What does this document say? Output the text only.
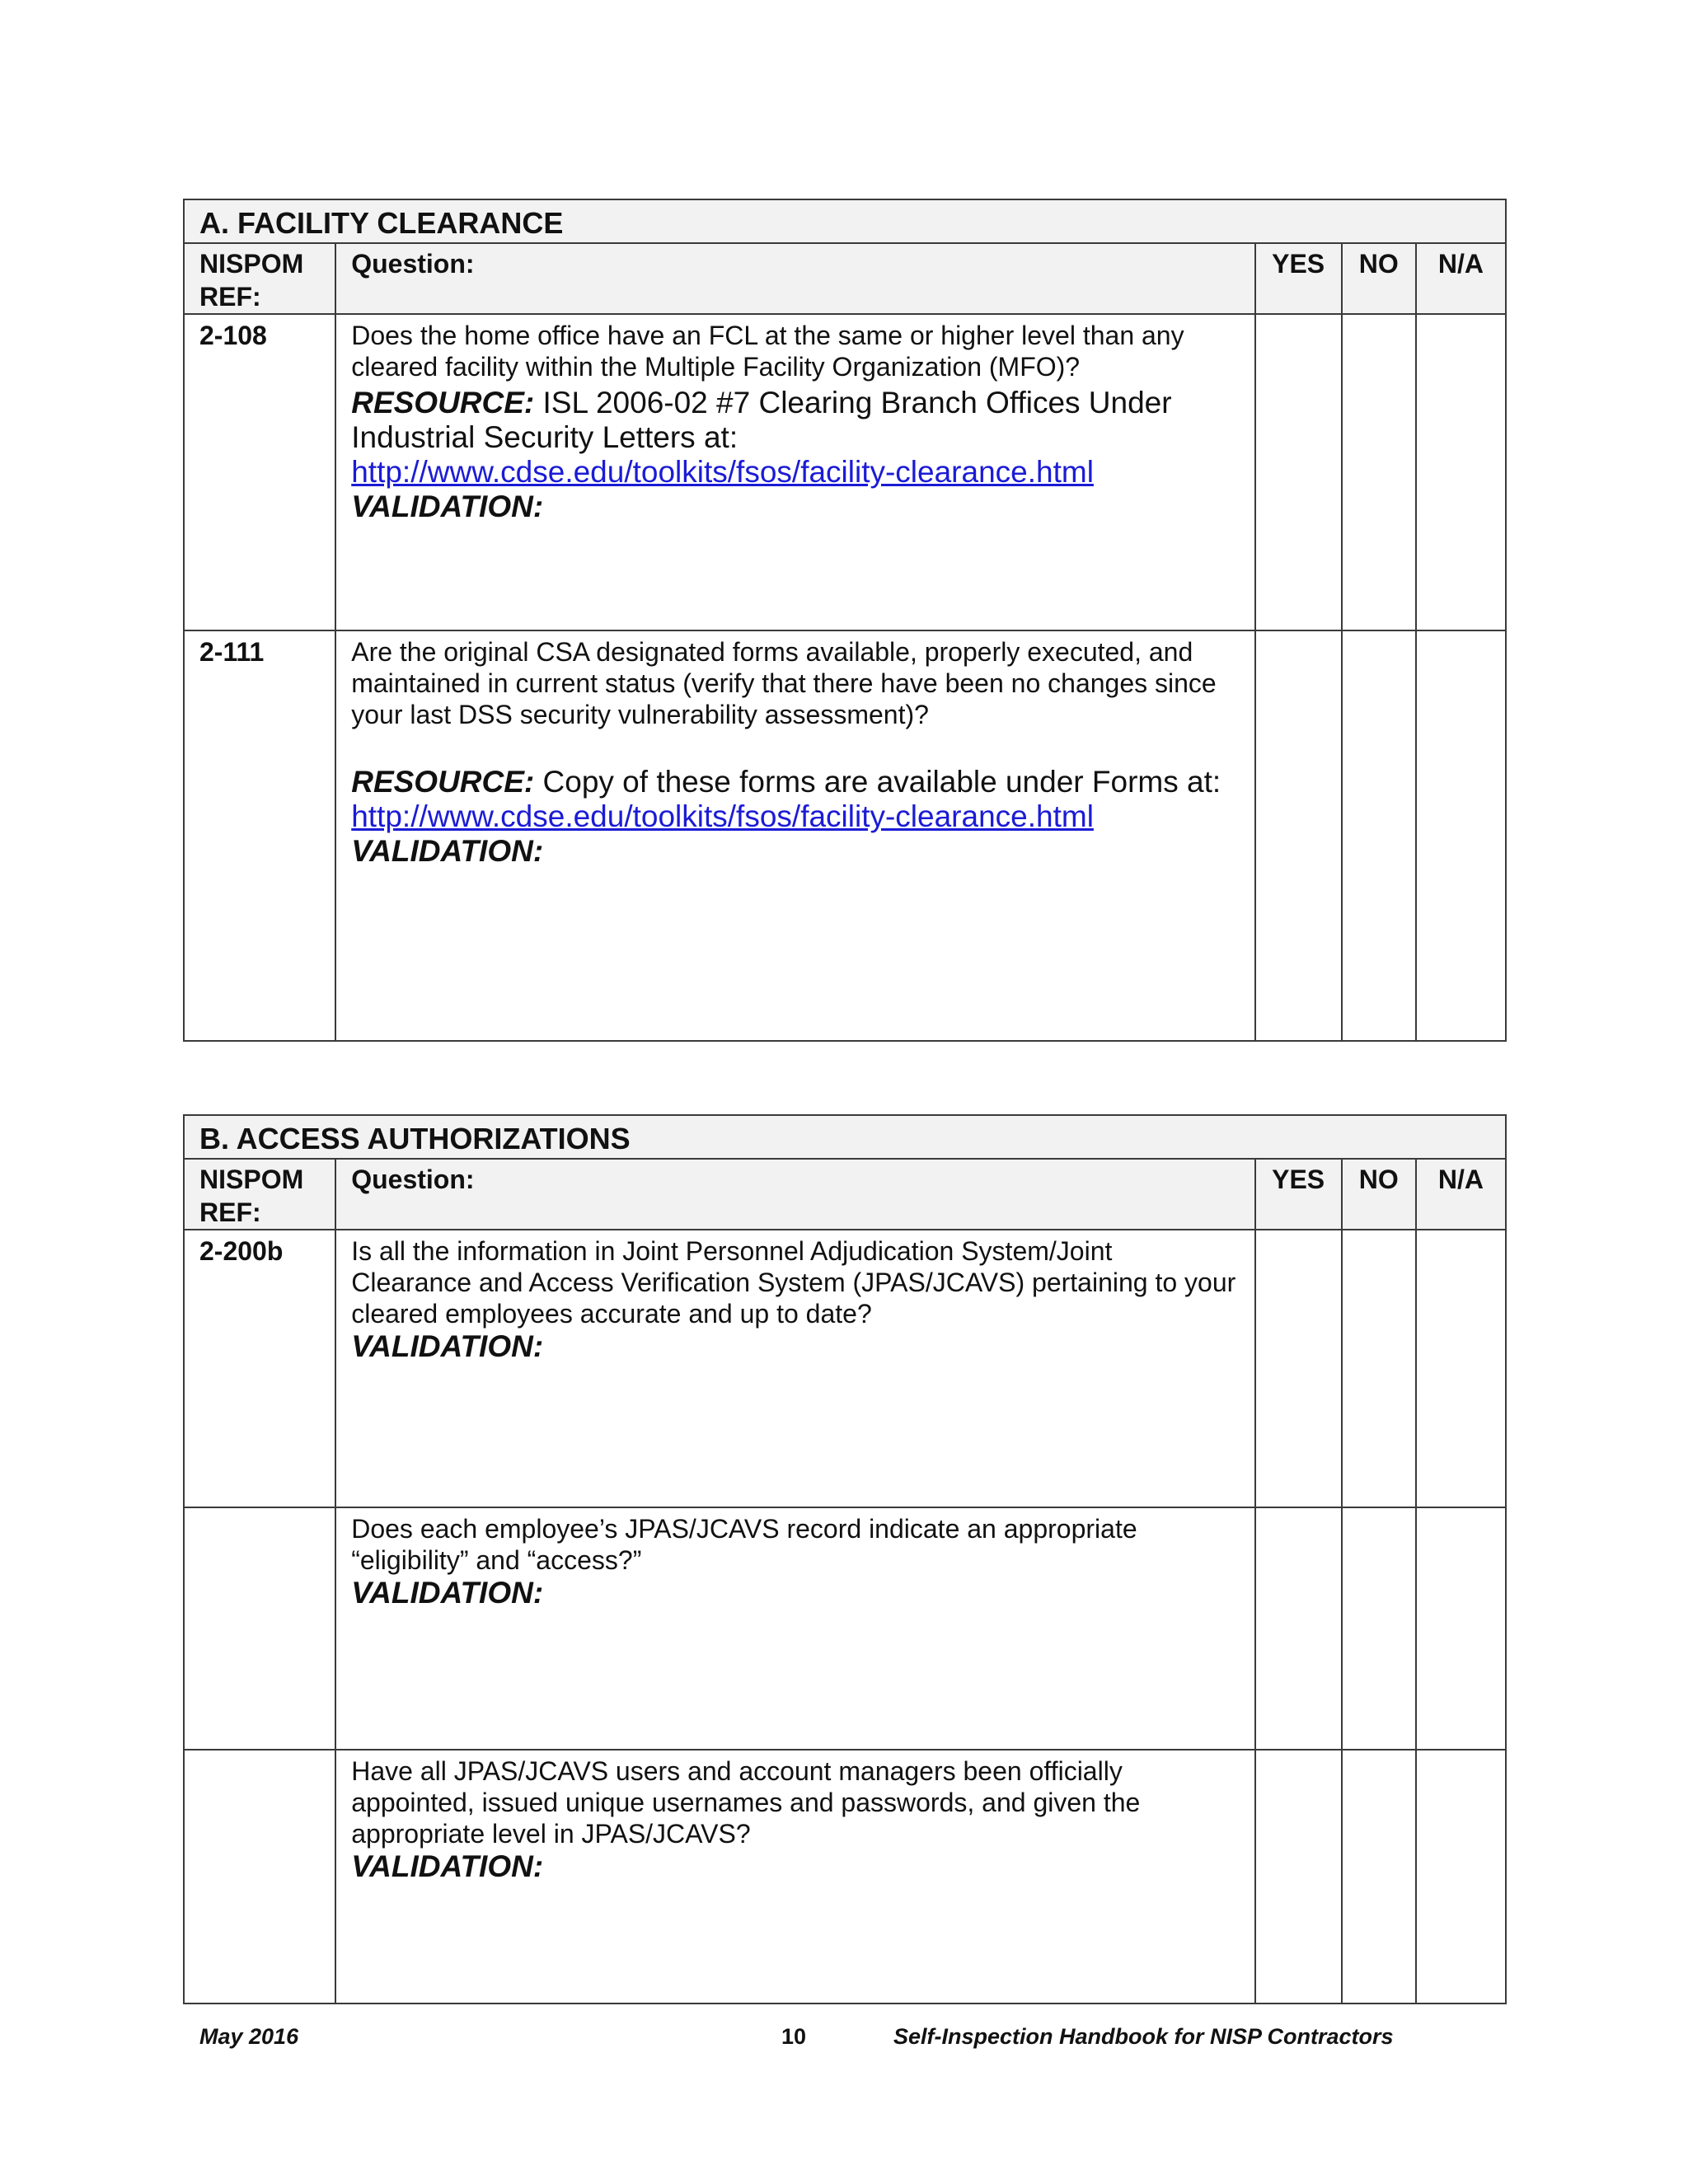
A. FACILITY CLEARANCE				
NISPOM REF:	Question:	YES	NO	N/A
2-108	Does the home office have an FCL at the same or higher level than any cleared facility within the Multiple Facility Organization (MFO)?
RESOURCE: ISL 2006-02 #7 Clearing Branch Offices Under Industrial Security Letters at: http://www.cdse.edu/toolkits/fsos/facility-clearance.html
VALIDATION:			

2-111	Are the original CSA designated forms available, properly executed, and maintained in current status (verify that there have been no changes since your last DSS security vulnerability assessment)?
RESOURCE: Copy of these forms are available under Forms at: http://www.cdse.edu/toolkits/fsos/facility-clearance.html
VALIDATION:			

B. ACCESS AUTHORIZATIONS				
NISPOM REF:	Question:	YES	NO	N/A
2-200b	Is all the information in Joint Personnel Adjudication System/Joint Clearance and Access Verification System (JPAS/JCAVS) pertaining to your cleared employees accurate and up to date?
VALIDATION:			

	Does each employee’s JPAS/JCAVS record indicate an appropriate “eligibility” and “access?”
VALIDATION:			

	Have all JPAS/JCAVS users and account managers been officially appointed, issued unique usernames and passwords, and given the appropriate level in JPAS/JCAVS?
VALIDATION:			

May 2016	10	Self-Inspection Handbook for NISP Contractors
